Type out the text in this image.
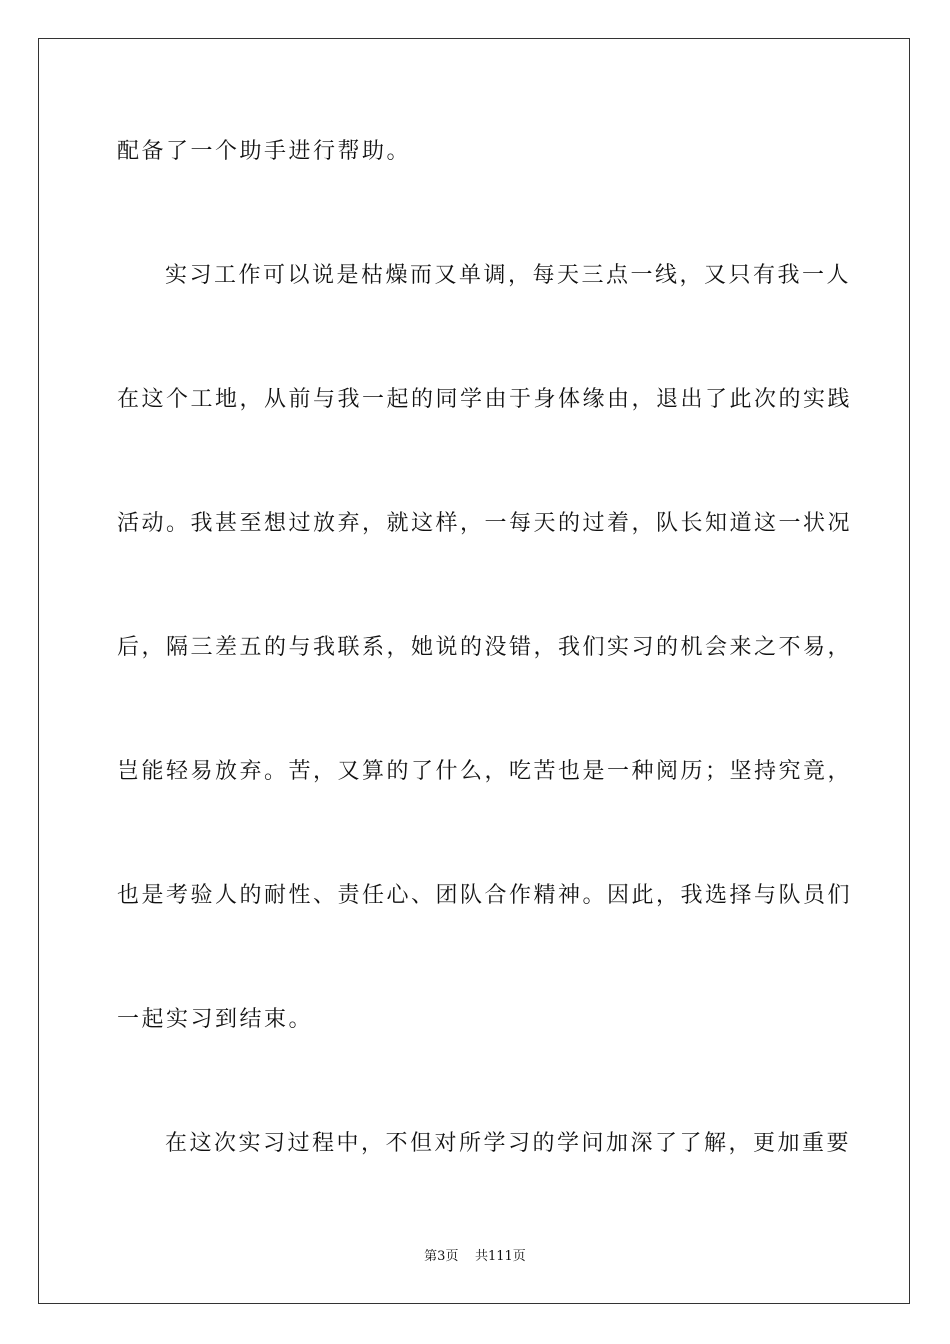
配备了一个助手进行帮助。
实习工作可以说是枯燥而又单调，每天三点一线，又只有我一人
在这个工地，从前与我一起的同学由于身体缘由，退出了此次的实践
活动。我甚至想过放弃，就这样，一每天的过着，队长知道这一状况
后，隔三差五的与我联系，她说的没错，我们实习的机会来之不易，
岂能轻易放弃。苦，又算的了什么，吃苦也是一种阅历；坚持究竟，
也是考验人的耐性、责任心、团队合作精神。因此，我选择与队员们
一起实习到结束。
在这次实习过程中，不但对所学习的学问加深了了解，更加重要
第3页 共111页
